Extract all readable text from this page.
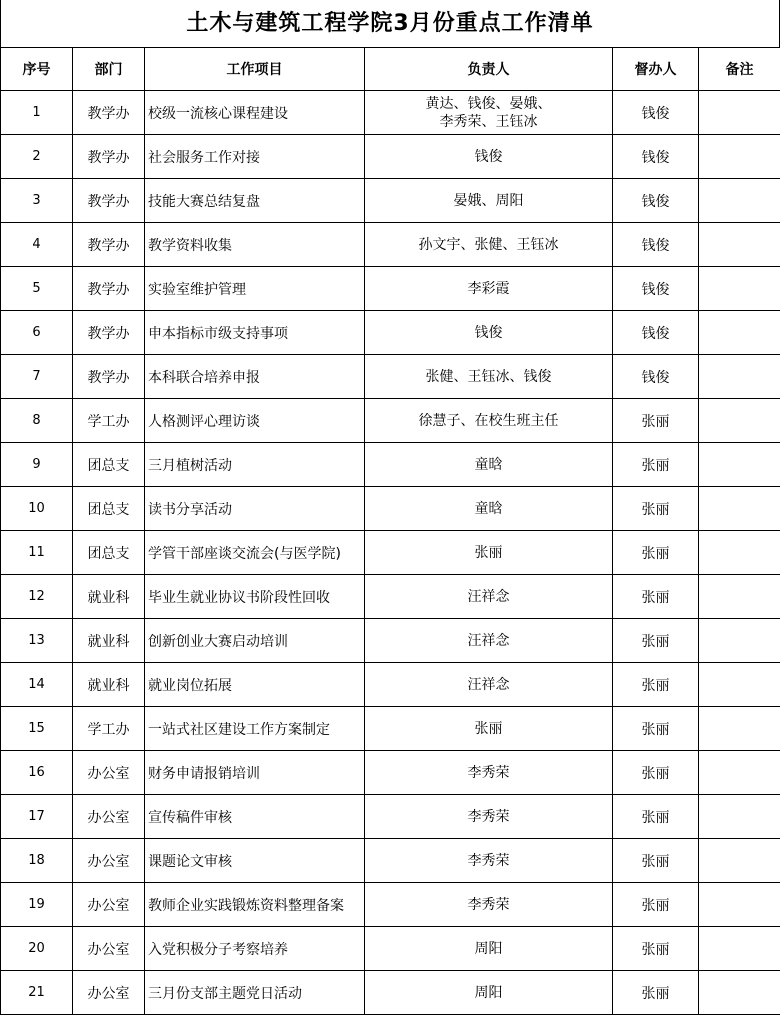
土木与建筑工程学院3月份重点工作清单
序号	部门	工作项目	负责人	督办人	备注
1	教学办	校级一流核心课程建设	黄达、钱俊、晏娥、
李秀荣、王钰冰	钱俊	
2	教学办	社会服务工作对接	钱俊	钱俊	
3	教学办	技能大赛总结复盘	晏娥、周阳	钱俊	
4	教学办	教学资料收集	孙文宇、张健、王钰冰	钱俊	
5	教学办	实验室维护管理	李彩霞	钱俊	
6	教学办	申本指标市级支持事项	钱俊	钱俊	
7	教学办	本科联合培养申报	张健、王钰冰、钱俊	钱俊	
8	学工办	人格测评心理访谈	徐慧子、在校生班主任	张丽	
9	团总支	三月植树活动	童晗	张丽	
10	团总支	读书分享活动	童晗	张丽	
11	团总支	学管干部座谈交流会(与医学院)	张丽	张丽	
12	就业科	毕业生就业协议书阶段性回收	汪祥念	张丽	
13	就业科	创新创业大赛启动培训	汪祥念	张丽	
14	就业科	就业岗位拓展	汪祥念	张丽	
15	学工办	一站式社区建设工作方案制定	张丽	张丽	
16	办公室	财务申请报销培训	李秀荣	张丽	
17	办公室	宣传稿件审核	李秀荣	张丽	
18	办公室	课题论文审核	李秀荣	张丽	
19	办公室	教师企业实践锻炼资料整理备案	李秀荣	张丽	
20	办公室	入党积极分子考察培养	周阳	张丽	
21	办公室	三月份支部主题党日活动	周阳	张丽	
